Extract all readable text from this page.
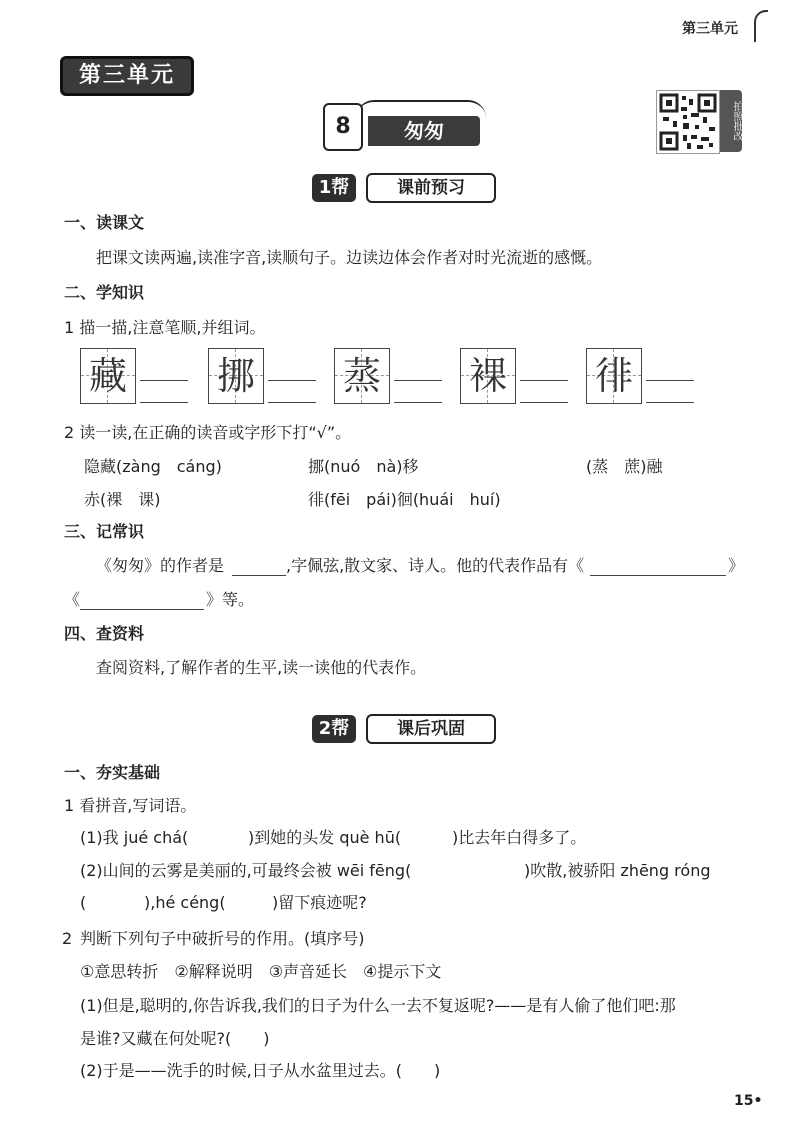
第三单元
第三单元
匆匆
8	拍照批改
1帮	课前预习
一、读课文
把课文读两遍,读准字音,读顺句子。边读边体会作者对时光流逝的感慨。
二、学知识
1 描一描,注意笔顺,并组词。
藏 挪 蒸 裸 徘
2 读一读,在正确的读音或字形下打“√”。
隐藏(zàng　cáng)	挪(nuó　nà)移	(蒸　蔗)融
赤(裸　课)	徘(fēi　pái)徊(huái　huí)
三、记常识
《匆匆》的作者是	,字佩弦,散文家、诗人。他的代表作品有《	》
《	》等。
四、查资料
查阅资料,了解作者的生平,读一读他的代表作。
2帮	课后巩固
一、夯实基础
1 看拼音,写词语。
(1)我 jué chá(	)到她的头发 què hū(	)比去年白得多了。
(2)山间的云雾是美丽的,可最终会被 wēi fēng(	)吹散,被骄阳 zhēng róng
(	),hé céng(	)留下痕迹呢?
2 判断下列句子中破折号的作用。(填序号)
①意思转折　②解释说明　③声音延长　④提示下文
(1)但是,聪明的,你告诉我,我们的日子为什么一去不复返呢?——是有人偷了他们吧:那
是谁?又藏在何处呢?(　　)
(2)于是——洗手的时候,日子从水盆里过去。(　　)
15•
